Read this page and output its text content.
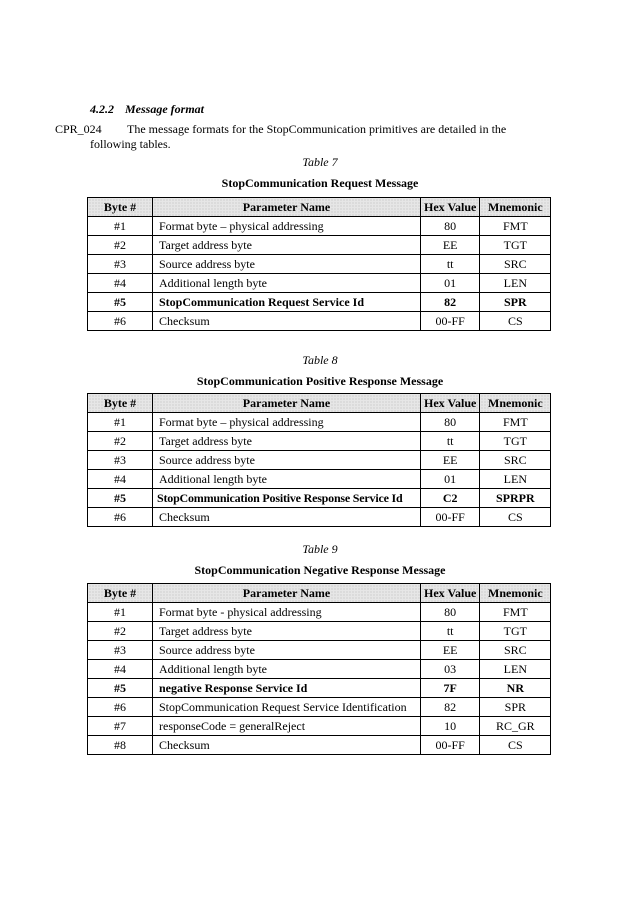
4.2.2 Message format
CPR_024 The message formats for the StopCommunication primitives are detailed in the
following tables.
Table 7
StopCommunication Request Message
Byte #	Parameter Name	Hex Value	Mnemonic
#1	Format byte – physical addressing	80	FMT
#2	Target address byte	EE	TGT
#3	Source address byte	tt	SRC
#4	Additional length byte	01	LEN
#5	StopCommunication Request Service Id	82	SPR
#6	Checksum	00-FF	CS
Table 8
StopCommunication Positive Response Message
Byte #	Parameter Name	Hex Value	Mnemonic
#1	Format byte – physical addressing	80	FMT
#2	Target address byte	tt	TGT
#3	Source address byte	EE	SRC
#4	Additional length byte	01	LEN
#5	StopCommunication Positive Response Service Id	C2	SPRPR
#6	Checksum	00-FF	CS
Table 9
StopCommunication Negative Response Message
Byte #	Parameter Name	Hex Value	Mnemonic
#1	Format byte - physical addressing	80	FMT
#2	Target address byte	tt	TGT
#3	Source address byte	EE	SRC
#4	Additional length byte	03	LEN
#5	negative Response Service Id	7F	NR
#6	StopCommunication Request Service Identification	82	SPR
#7	responseCode = generalReject	10	RC_GR
#8	Checksum	00-FF	CS
